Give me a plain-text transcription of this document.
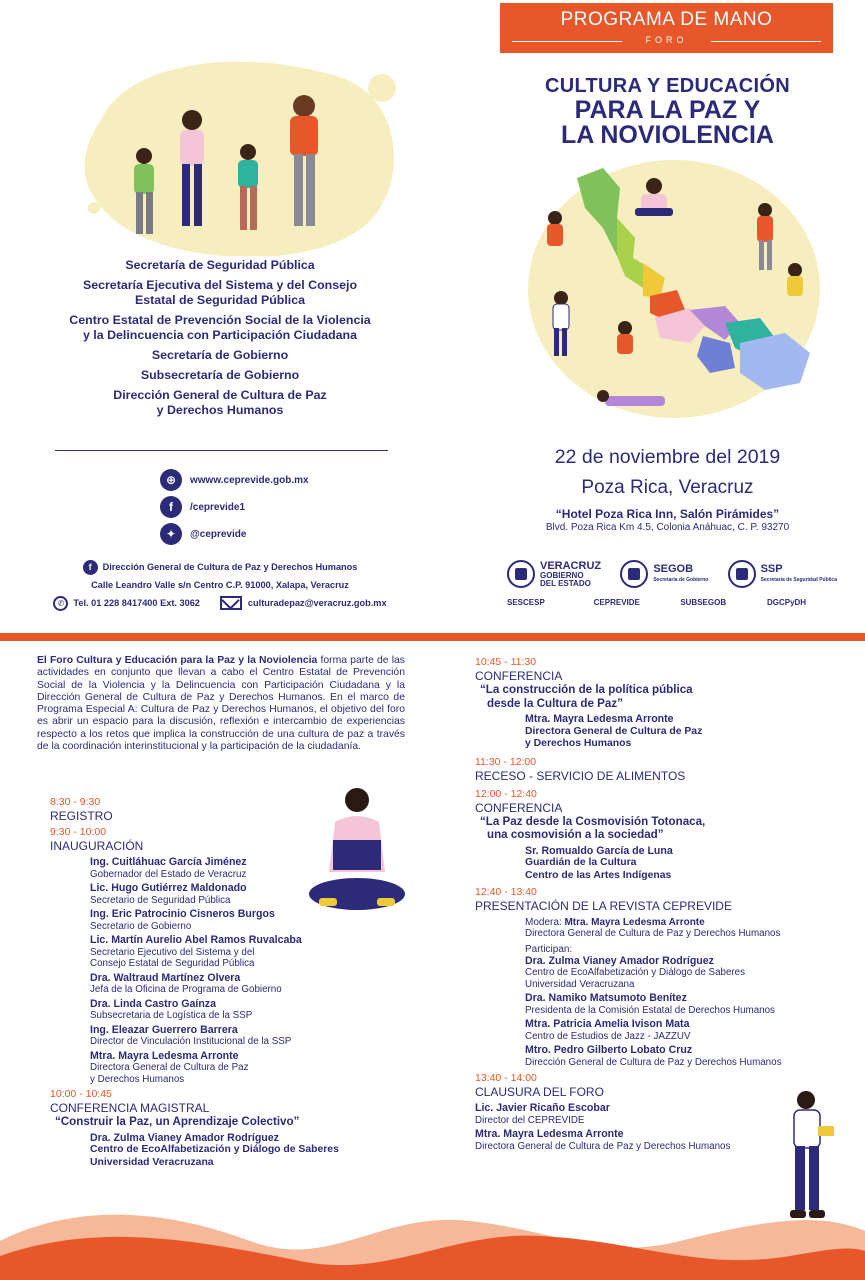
Secretaría de Seguridad Pública
Secretaría Ejecutiva del Sistema y del Consejo
Estatal de Seguridad Pública
Centro Estatal de Prevención Social de la Violencia
y la Delincuencia con Participación Ciudadana
Secretaría de Gobierno
Subsecretaría de Gobierno
Dirección General de Cultura de Paz
y Derechos Humanos
⊕	wwww.ceprevide.gob.mx
f	/ceprevide1
✦	@ceprevide
f	Dirección General de Cultura de Paz y Derechos Humanos
Calle Leandro Valle s/n Centro C.P. 91000, Xalapa, Veracruz
✆ Tel. 01 228 8417400 Ext. 3062	culturadepaz@veracruz.gob.mx
PROGRAMA DE MANO
FORO
CULTURA Y EDUCACIÓN
PARA LA PAZ Y
LA NOVIOLENCIA
22 de noviembre del 2019
Poza Rica, Veracruz
“Hotel Poza Rica Inn, Salón Pirámides”
Blvd. Poza Rica Km 4.5, Colonia Anáhuac, C. P. 93270
VERACRUZ
GOBIERNO
DEL ESTADO
SEGOB
Secretaría de Gobierno
SSP
Secretaría de Seguridad Pública
SESCESP	CEPREVIDE	SUBSEGOB	DGCPyDH
El Foro Cultura y Educación para la Paz y la Noviolencia forma parte de las actividades en conjunto que llevan a cabo el Centro Estatal de Prevención Social de la Violencia y la Delincuencia con Participación Ciudadana y la Dirección General de Cultura de Paz y Derechos Humanos. En el marco de Programa Especial A: Cultura de Paz y Derechos Humanos, el objetivo del foro es abrir un espacio para la discusión, reflexión e intercambio de experiencias respecto a los retos que implica la construcción de una cultura de paz a través de la coordinación interinstitucional y la participación de la ciudadanía.
8:30 - 9:30
REGISTRO
9:30 - 10:00
INAUGURACIÓN
Ing. Cuitláhuac García Jiménez
Gobernador del Estado de Veracruz
Lic. Hugo Gutiérrez Maldonado
Secretario de Seguridad Pública
Ing. Eric Patrocinio Cisneros Burgos
Secretario de Gobierno
Lic. Martín Aurelio Abel Ramos Ruvalcaba
Secretario Ejecutivo del Sistema y del
Consejo Estatal de Seguridad Pública
Dra. Waltraud Martínez Olvera
Jefa de la Oficina de Programa de Gobierno
Dra. Linda Castro Gaínza
Subsecretaria de Logística de la SSP
Ing. Eleazar Guerrero Barrera
Director de Vinculación Institucional de la SSP
Mtra. Mayra Ledesma Arronte
Directora General de Cultura de Paz
y Derechos Humanos
10:00 - 10:45
CONFERENCIA MAGISTRAL
“Construir la Paz, un Aprendizaje Colectivo”
Dra. Zulma Vianey Amador Rodríguez
Centro de EcoAlfabetización y Diálogo de Saberes
Universidad Veracruzana
10:45 - 11:30
CONFERENCIA
“La construcción de la política pública
desde la Cultura de Paz”
Mtra. Mayra Ledesma Arronte
Directora General de Cultura de Paz
y Derechos Humanos
11:30 - 12:00
RECESO - SERVICIO DE ALIMENTOS
12:00 - 12:40
CONFERENCIA
“La Paz desde la Cosmovisión Totonaca,
una cosmovisión a la sociedad”
Sr. Romualdo García de Luna
Guardián de la Cultura
Centro de las Artes Indígenas
12:40 - 13:40
PRESENTACIÓN DE LA REVISTA CEPREVIDE
Modera: Mtra. Mayra Ledesma Arronte
Directora General de Cultura de Paz y Derechos Humanos
Participan:
Dra. Zulma Vianey Amador Rodríguez
Centro de EcoAlfabetización y Diálogo de Saberes
Universidad Veracruzana
Dra. Namiko Matsumoto Benítez
Presidenta de la Comisión Estatal de Derechos Humanos
Mtra. Patricia Amelia Ivison Mata
Centro de Estudios de Jazz - JAZZUV
Mtro. Pedro Gilberto Lobato Cruz
Dirección General de Cultura de Paz y Derechos Humanos
13:40 - 14:00
CLAUSURA DEL FORO
Lic. Javier Ricaño Escobar
Director del CEPREVIDE
Mtra. Mayra Ledesma Arronte
Directora General de Cultura de Paz y Derechos Humanos
